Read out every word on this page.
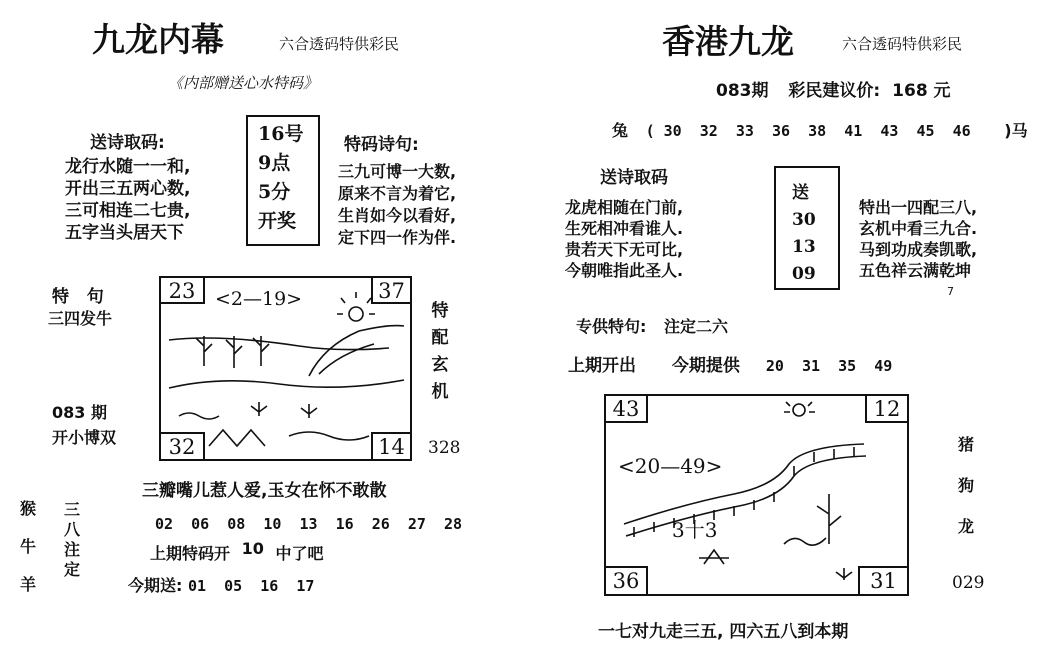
九龙内幕	六合透码特供彩民
《内部赠送心水特码》
送诗取码:
龙行水随一一和,
开出三五两心数,
三可相连二七贵,
五字当头居天下
16号
9点
5分
开奖
特码诗句:
三九可博一大数,
原来不言为着它,
生肖如今以看好,
定下四一作为伴.
特   句
三四发牛
083 期
开小博双
23	37
32	14
<2—19>
特
配
玄
机
328
三瓣嘴儿惹人爱,玉女在怀不敢散
猴
牛
羊
三
八
注
定
02  06  08  10  13  16  26  27  28
上期特码开 10 中了吧
今期送: 01  05  16  17
香港九龙	六合透码特供彩民
083期 彩民建议价: 168 元
兔 ( 30  32  33  36  38  41  43  45  46 )马
送诗取码
龙虎相随在门前,
生死相冲看谁人.
贵若天下无可比,
今朝唯指此圣人.
送
30
13
09
特出一四配三八,
玄机中看三九合.
马到功成奏凯歌,
五色祥云满乾坤
7
专供特句: 注定二六
上期开出 今期提供 20  31  35  49
43	12
36	31
<20—49>
3十3
猪
狗
龙
029
一七对九走三五, 四六五八到本期
